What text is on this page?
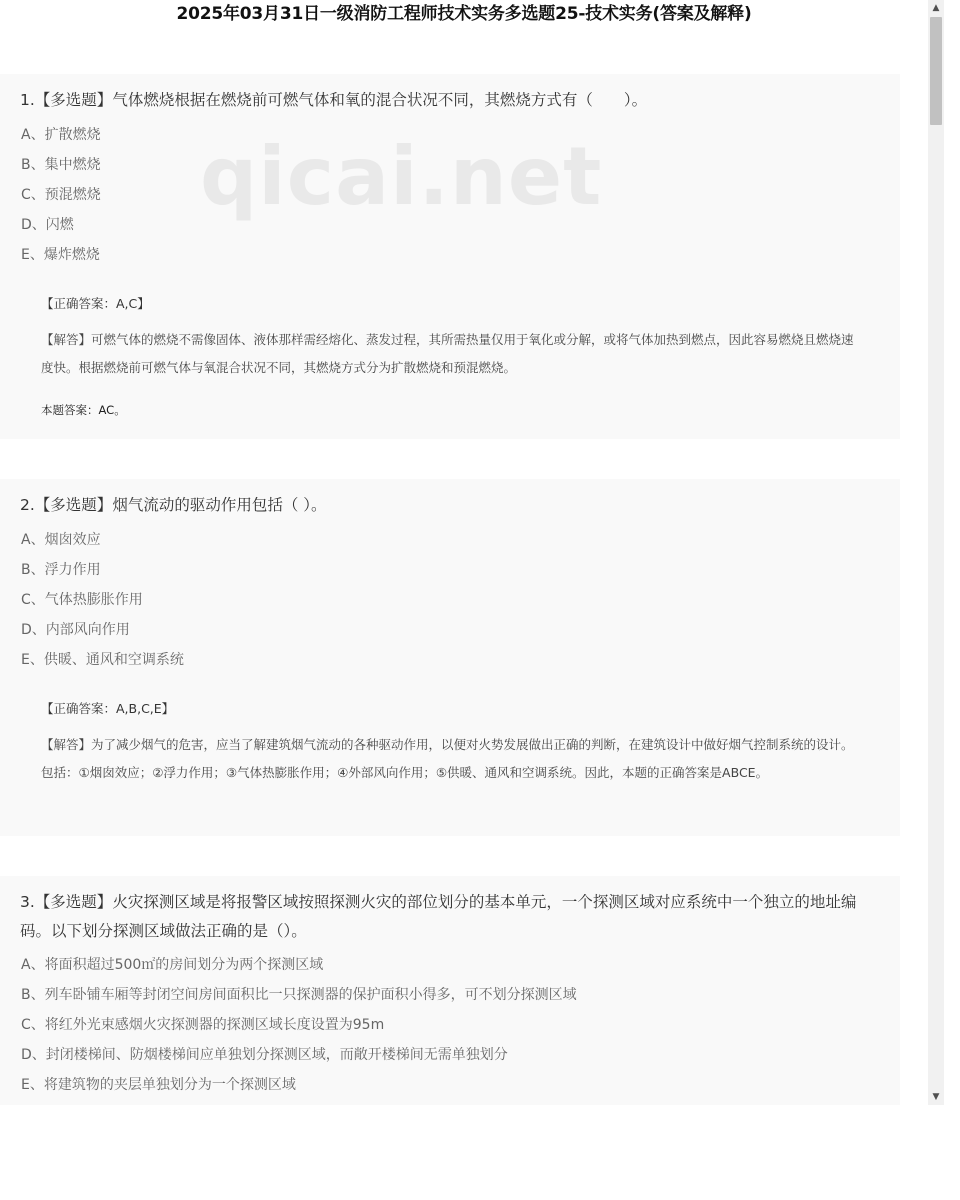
2025年03月31日一级消防工程师技术实务多选题25-技术实务(答案及解释)
qicai.net

1.【多选题】气体燃烧根据在燃烧前可燃气体和氧的混合状况不同，其燃烧方式有（　　）。

A、扩散燃烧
B、集中燃烧
C、预混燃烧
D、闪燃
E、爆炸燃烧
【正确答案：A,C】
【解答】可燃气体的燃烧不需像固体、液体那样需经熔化、蒸发过程，其所需热量仅用于氧化或分解，或将气体加热到燃点，因此容易燃烧且燃烧速度快。根据燃烧前可燃气体与氧混合状况不同，其燃烧方式分为扩散燃烧和预混燃烧。
本题答案：AC。

2.【多选题】烟气流动的驱动作用包括（ ）。

A、烟囱效应
B、浮力作用
C、气体热膨胀作用
D、内部风向作用
E、供暖、通风和空调系统
【正确答案：A,B,C,E】
【解答】为了减少烟气的危害，应当了解建筑烟气流动的各种驱动作用，以便对火势发展做出正确的判断，在建筑设计中做好烟气控制系统的设计。包括：①烟囱效应；②浮力作用；③气体热膨胀作用；④外部风向作用；⑤供暖、通风和空调系统。因此，本题的正确答案是ABCE。

3.【多选题】火灾探测区域是将报警区域按照探测火灾的部位划分的基本单元，一个探测区域对应系统中一个独立的地址编码。以下划分探测区域做法正确的是（）。

A、将面积超过500㎡的房间划分为两个探测区域
B、列车卧铺车厢等封闭空间房间面积比一只探测器的保护面积小得多，可不划分探测区域
C、将红外光束感烟火灾探测器的探测区域长度设置为95m
D、封闭楼梯间、防烟楼梯间应单独划分探测区域，而敞开楼梯间无需单独划分
E、将建筑物的夹层单独划分为一个探测区域
▲
▼
